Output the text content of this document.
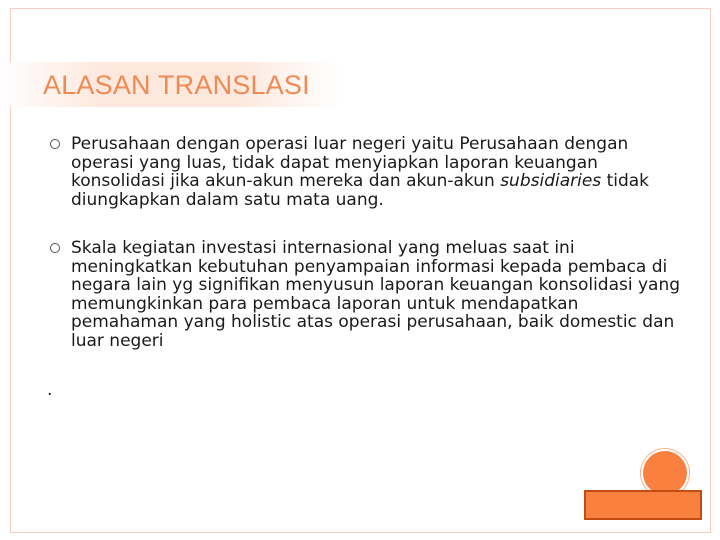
ALASAN TRANSLASI
Perusahaan dengan operasi luar negeri yaitu Perusahaan dengan operasi yang luas, tidak dapat menyiapkan laporan keuangan konsolidasi jika akun-akun mereka dan akun-akun subsidiaries tidak diungkapkan dalam satu mata uang.
Skala kegiatan investasi internasional yang meluas saat ini meningkatkan kebutuhan penyampaian informasi kepada pembaca di negara lain yg signifikan menyusun laporan keuangan konsolidasi yang memungkinkan para pembaca laporan untuk mendapatkan pemahaman yang holistic atas operasi perusahaan, baik domestic dan luar negeri
.
